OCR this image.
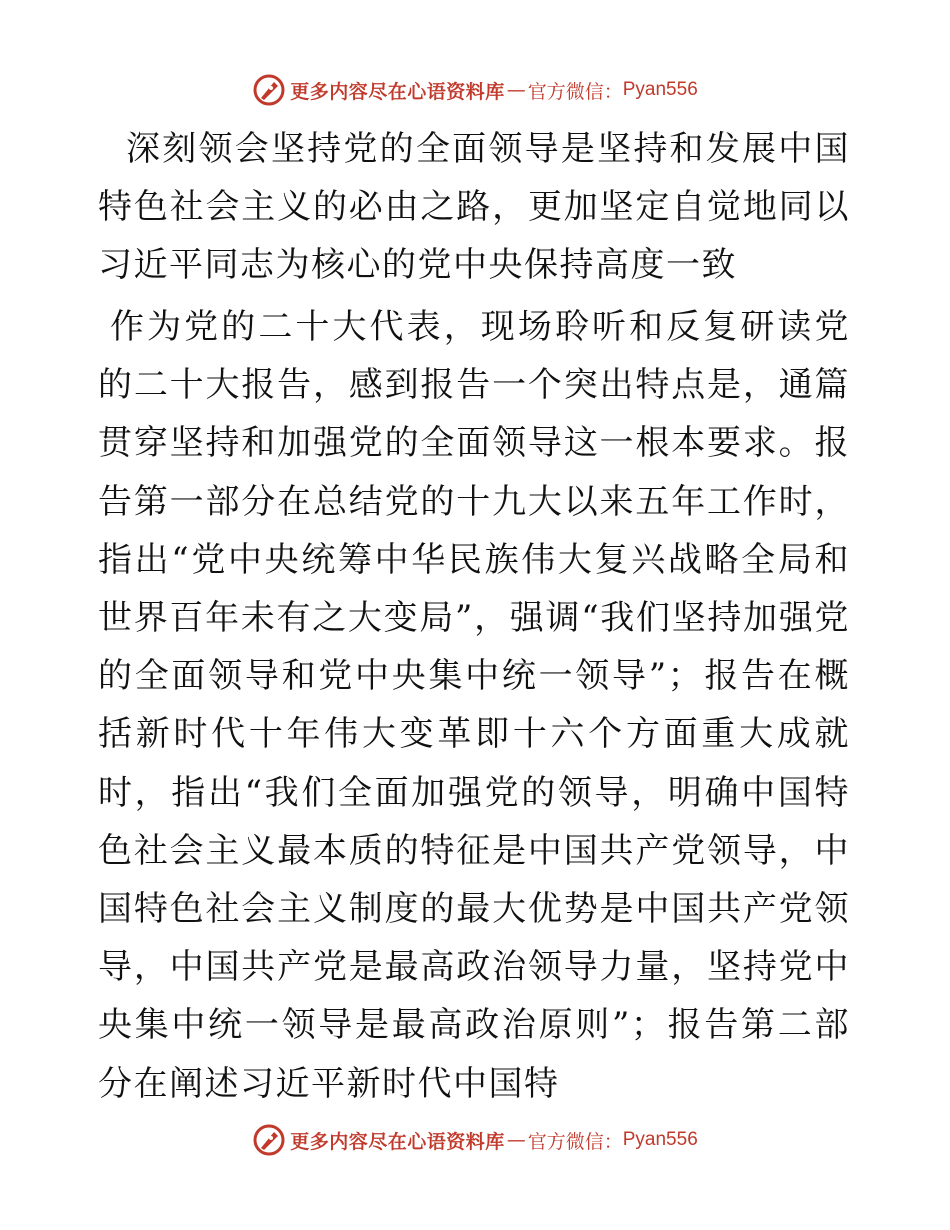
更多内容尽在心语资料库 — 官方微信： Pyan556
深刻领会坚持党的全面领导是坚持和发展中国特色社会主义的必由之路，更加坚定自觉地同以习近平同志为核心的党中央保持高度一致

作为党的二十大代表，现场聆听和反复研读党的二十大报告，感到报告一个突出特点是，通篇贯穿坚持和加强党的全面领导这一根本要求。报告第一部分在总结党的十九大以来五年工作时，指出“党中央统筹中华民族伟大复兴战略全局和世界百年未有之大变局”，强调“我们坚持加强党的全面领导和党中央集中统一领导”；报告在概括新时代十年伟大变革即十六个方面重大成就时，指出“我们全面加强党的领导，明确中国特色社会主义最本质的特征是中国共产党领导，中国特色社会主义制度的最大优势是中国共产党领导，中国共产党是最高政治领导力量，坚持党中央集中统一领导是最高政治原则”；报告第二部分在阐述习近平新时代中国特

更多内容尽在心语资料库 — 官方微信： Pyan556
